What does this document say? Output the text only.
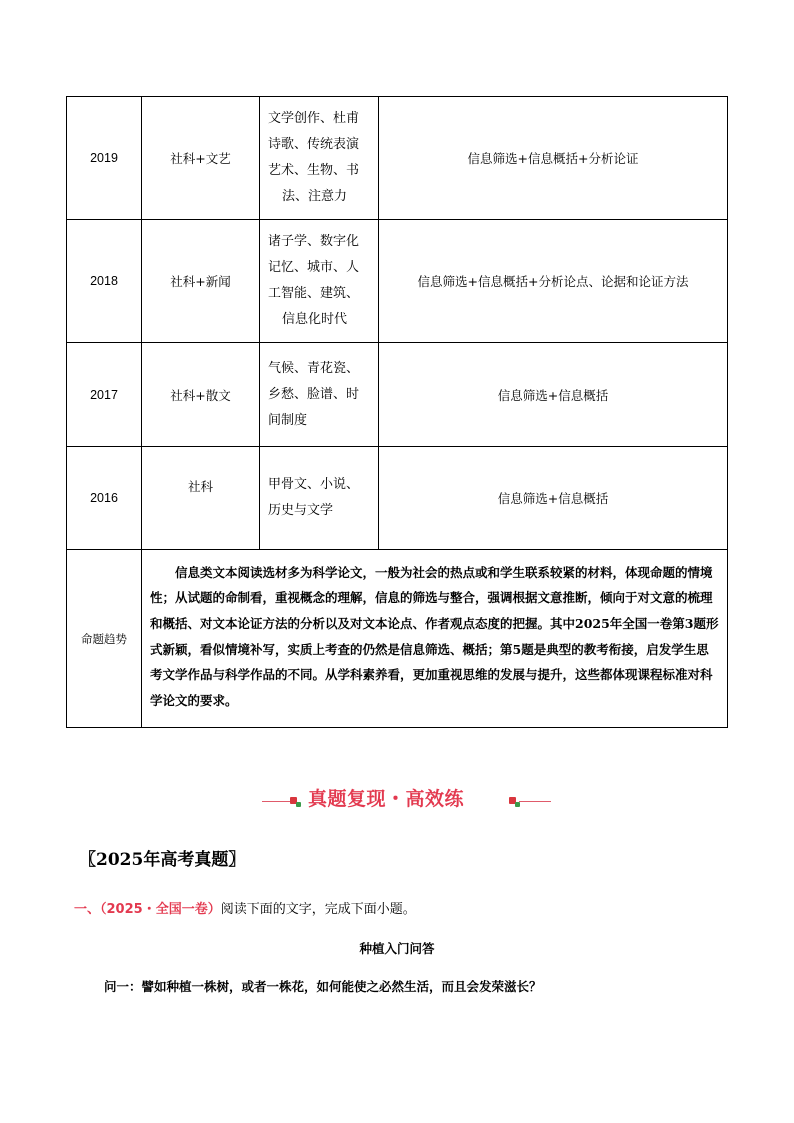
2019	社科+文艺	文学创作、杜甫
诗歌、传统表演
艺术、生物、书
法、注意力	信息筛选+信息概括+分析论证
2018	社科+新闻	诸子学、数字化
记忆、城市、人
工智能、建筑、
信息化时代	信息筛选+信息概括+分析论点、论据和论证方法
2017	社科+散文	气候、青花瓷、
乡愁、脸谱、时
间制度	信息筛选+信息概括
2016	社科	甲骨文、小说、
历史与文学	信息筛选+信息概括
命题趋势	信息类文本阅读选材多为科学论文，一般为社会的热点或和学生联系较紧的材料，体现命题的情境性；从试题的命制看，重视概念的理解，信息的筛选与整合，强调根据文意推断，倾向于对文意的梳理和概括、对文本论证方法的分析以及对文本论点、作者观点态度的把握。其中2025年全国一卷第3题形式新颖，看似情境补写，实质上考查的仍然是信息筛选、概括；第5题是典型的教考衔接，启发学生思考文学作品与科学作品的不同。从学科素养看，更加重视思维的发展与提升，这些都体现课程标准对科学论文的要求。		
真题复现・高效练
〖2025年高考真题〗
一、（2025・全国一卷）阅读下面的文字，完成下面小题。
种植入门问答
问一：譬如种植一株树，或者一株花，如何能使之必然生活，而且会发荣滋长？
